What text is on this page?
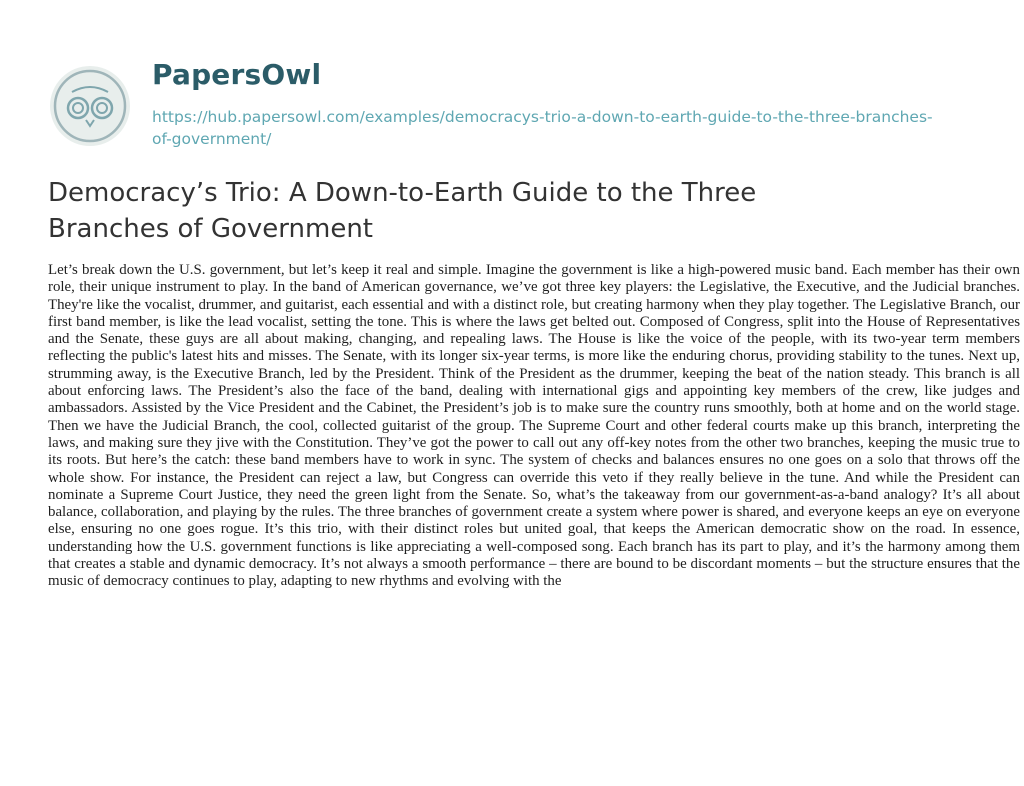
PapersOwl
https://hub.papersowl.com/examples/democracys-trio-a-down-to-earth-guide-to-the-three-branches-of-government/
Democracy’s Trio: A Down-to-Earth Guide to the Three Branches of Government

Let’s break down the U.S. government, but let’s keep it real and simple. Imagine the government is like a high-powered music band. Each member has their own role, their unique instrument to play. In the band of American governance, we’ve got three key players: the Legislative, the Executive, and the Judicial branches. They're like the vocalist, drummer, and guitarist, each essential and with a distinct role, but creating harmony when they play together. The Legislative Branch, our first band member, is like the lead vocalist, setting the tone. This is where the laws get belted out. Composed of Congress, split into the House of Representatives and the Senate, these guys are all about making, changing, and repealing laws. The House is like the voice of the people, with its two-year term members reflecting the public's latest hits and misses. The Senate, with its longer six-year terms, is more like the enduring chorus, providing stability to the tunes. Next up, strumming away, is the Executive Branch, led by the President. Think of the President as the drummer, keeping the beat of the nation steady. This branch is all about enforcing laws. The President’s also the face of the band, dealing with international gigs and appointing key members of the crew, like judges and ambassadors. Assisted by the Vice President and the Cabinet, the President’s job is to make sure the country runs smoothly, both at home and on the world stage. Then we have the Judicial Branch, the cool, collected guitarist of the group. The Supreme Court and other federal courts make up this branch, interpreting the laws, and making sure they jive with the Constitution. They’ve got the power to call out any off-key notes from the other two branches, keeping the music true to its roots. But here’s the catch: these band members have to work in sync. The system of checks and balances ensures no one goes on a solo that throws off the whole show. For instance, the President can reject a law, but Congress can override this veto if they really believe in the tune. And while the President can nominate a Supreme Court Justice, they need the green light from the Senate. So, what’s the takeaway from our government-as-a-band analogy? It’s all about balance, collaboration, and playing by the rules. The three branches of government create a system where power is shared, and everyone keeps an eye on everyone else, ensuring no one goes rogue. It’s this trio, with their distinct roles but united goal, that keeps the American democratic show on the road. In essence, understanding how the U.S. government functions is like appreciating a well-composed song. Each branch has its part to play, and it’s the harmony among them that creates a stable and dynamic democracy. It’s not always a smooth performance – there are bound to be discordant moments – but the structure ensures that the music of democracy continues to play, adapting to new rhythms and evolving with the
